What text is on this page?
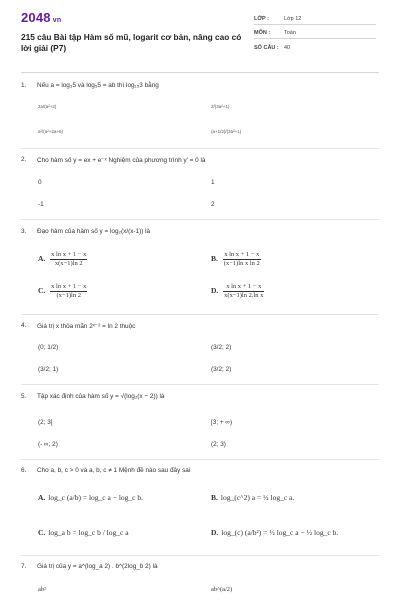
2048 vn
215 câu Bài tập Hàm số mũ, logarit cơ bản, nâng cao có lời giải (P7)
LỚP :	Lớp 12
MÔN :	Toán
SỐ CÂU : 40
1. Nếu a = log₃5 và log₅5 = ab thì log₁₅3 bằng
2a/(a²+2)	2/(3a²+1)
a²/(a²+2a+6)	(a+1/2)/(3a²+1)
2. Cho hàm số y = ex + e⁻ˣ Nghiệm của phương trình y' = 0 là
0	1
-1	2
3. Đạo hàm của hàm số y = log₂(x/(x-1)) là
A. $\frac{\text{x ln x + 1 − x}}{x(x-1)\ln 2}$	B. $\frac{\text{x ln x + 1 − x}}{\text{(x−1)ln x ln 2}}$
C. $\frac{\text{x ln x + 1 − x}}{(x-1)\ln 2}$	D. $\frac{\text{x ln x + 1 − x}}{\text{x(x−1)ln 2.ln x}}$
4. Giá trị x thỏa mãn 2ˣ⁻² = ln 2 thuộc
(0; 1/2)	(3/2; 2)
(3/2; 1)	(3/2; 2)
5. Tập xác định của hàm số y = √(log₂(x − 2)) là
(2; 3]	[3; + ∞)
(- ∞; 2)	(2; 3)
6. Cho a, b, c > 0 và a, b, c ≠ 1 Mệnh đề nào sau đây sai
A. log_c (a/b) = log_c a − log_c b.	B. log_(c^2) a = ½ log_c a.
C. log_a b = log_c b / log_c a	D. log_(c) (a/b²) = ½ log_c a − ½ log_c b.
7. Giá trị của y = a^(log_a 2) . b^(2log_b 2) là
ab²	ab^(a/2)
